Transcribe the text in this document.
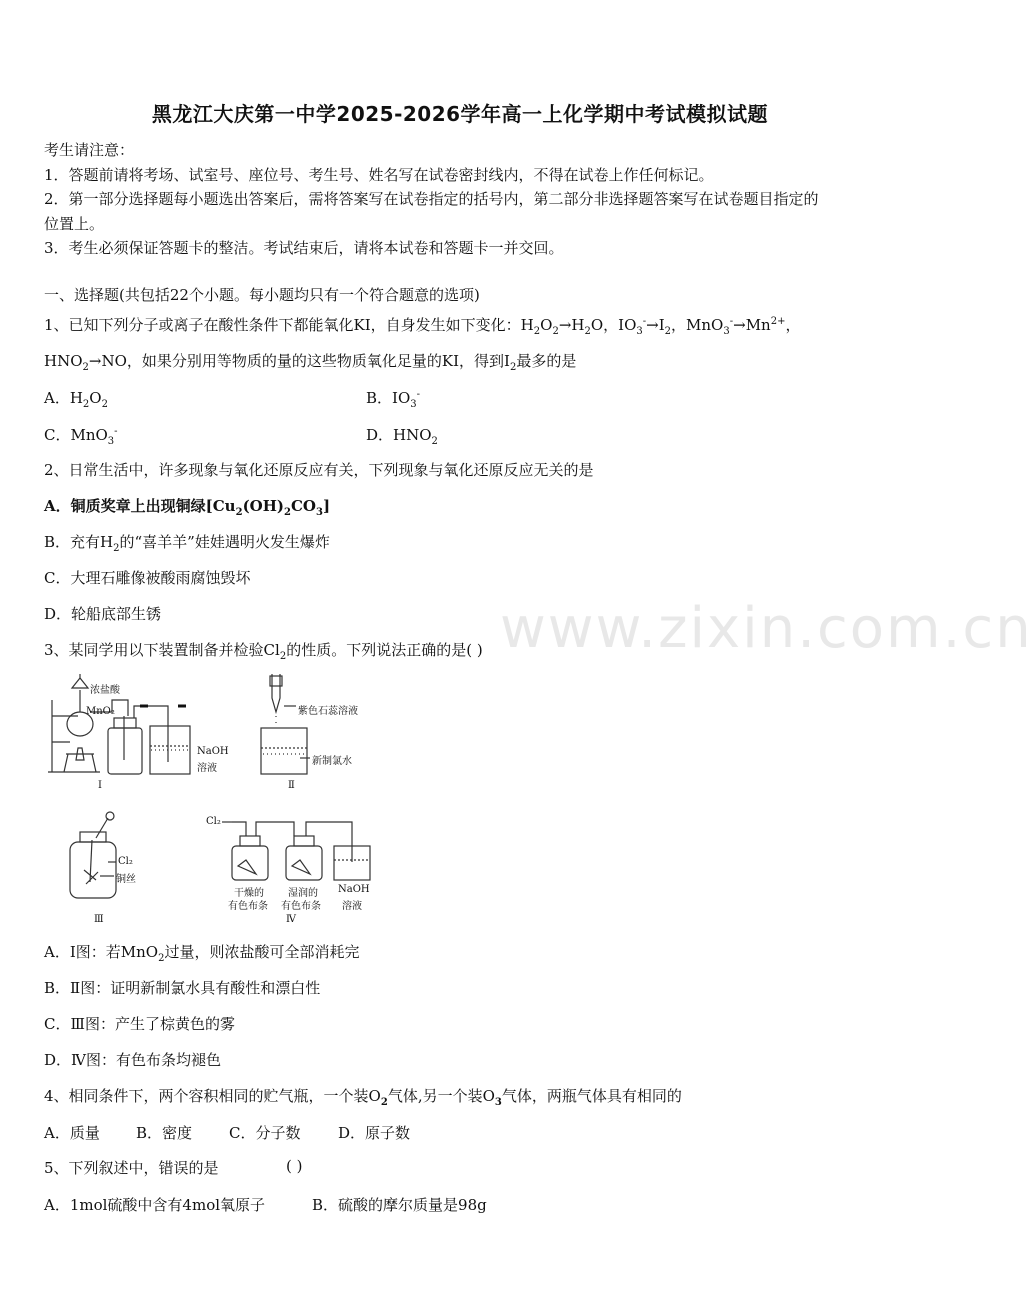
www.zixin.com.cn
黑龙江大庆第一中学2025-2026学年高一上化学期中考试模拟试题
考生请注意：
1．答题前请将考场、试室号、座位号、考生号、姓名写在试卷密封线内，不得在试卷上作任何标记。
2．第一部分选择题每小题选出答案后，需将答案写在试卷指定的括号内，第二部分非选择题答案写在试卷题目指定的
位置上。
3．考生必须保证答题卡的整洁。考试结束后，请将本试卷和答题卡一并交回。
一、选择题(共包括22个小题。每小题均只有一个符合题意的选项)
1、已知下列分子或离子在酸性条件下都能氧化KI，自身发生如下变化：$H_2O_2\to H_2O$，$IO_3^-\to I_2$，$MnO_3^-\to Mn^{2+}$，
$HNO_2\to NO$，如果分别用等物质的量的这些物质氧化足量的KI，得到$I_2$最多的是
A．$H_2O_2$	B．$IO_3^-$
C．MnO$_3$-	D．$HNO_2$
2、日常生活中，许多现象与氧化还原反应有关，下列现象与氧化还原反应无关的是
A．铜质奖章上出现铜绿$[Cu_2(OH)_2CO_3]$
B．充有$H_2$的“喜羊羊”娃娃遇明火发生爆炸
C．大理石雕像被酸雨腐蚀毁坏
D．轮船底部生锈
3、某同学用以下装置制备并检验$Cl_2$的性质。下列说法正确的是( )
浓盐酸
MnO₂
NaOH
溶液
Ⅰ
紫色石蕊溶液
新制氯水
Ⅱ
Cl₂
铜丝
Ⅲ
Cl₂
干燥的
有色布条
湿润的
有色布条
NaOH
溶液
Ⅳ
A．Ⅰ图：若MnO$_2$过量，则浓盐酸可全部消耗完
B．Ⅱ图：证明新制氯水具有酸性和漂白性
C．Ⅲ图：产生了棕黄色的雾
D．Ⅳ图：有色布条均褪色
4、相同条件下，两个容积相同的贮气瓶，一个装$O_2$气体,另一个装$O_3$气体，两瓶气体具有相同的
A．质量 B．密度 C．分子数	D．原子数
5、下列叙述中，错误的是	( )
A．1mol硫酸中含有4mol氧原子	B．硫酸的摩尔质量是98g
